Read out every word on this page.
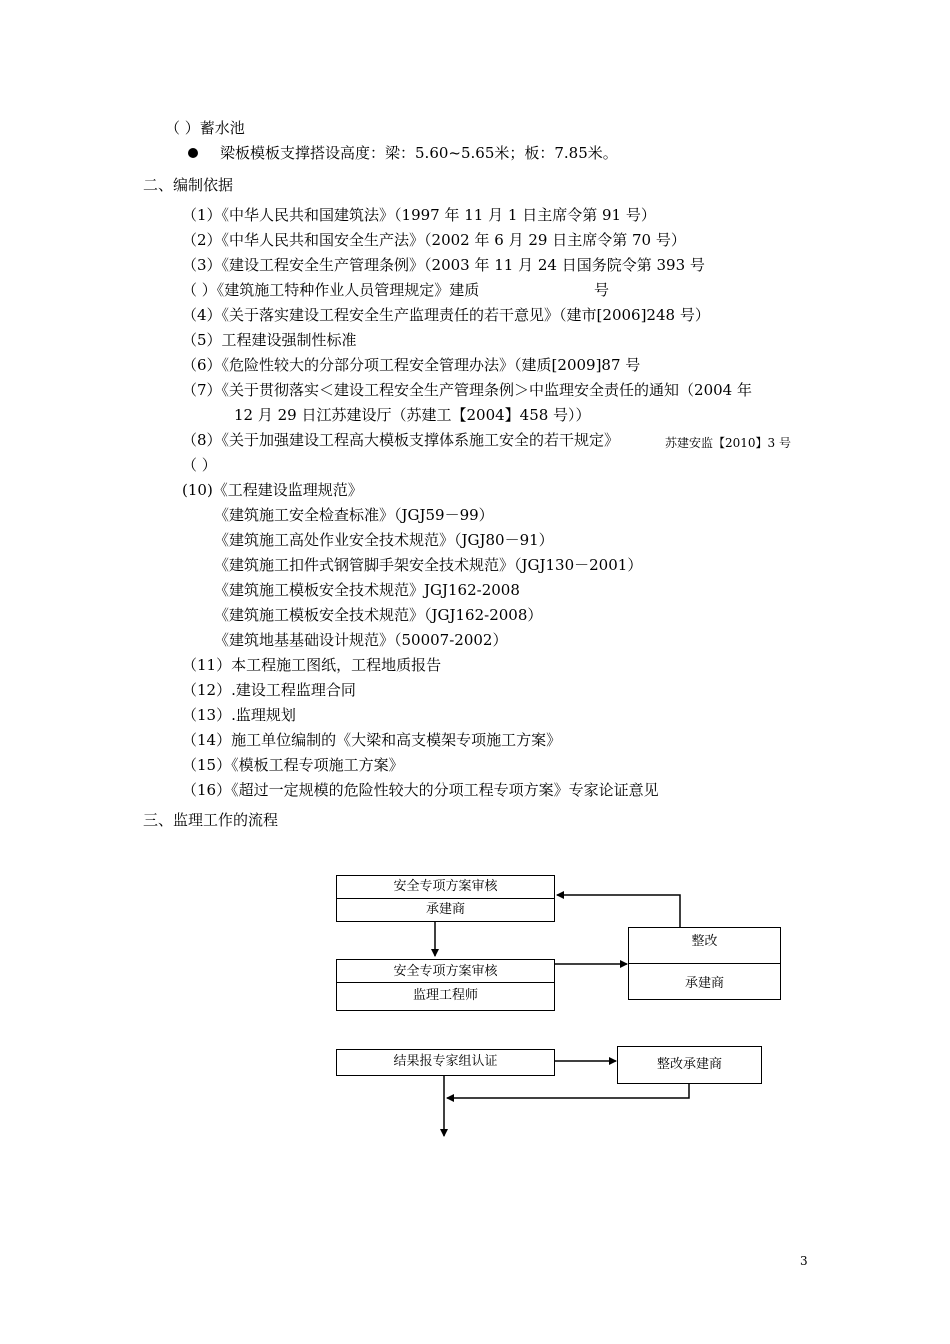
（ ）蓄水池
梁板模板支撑搭设高度：梁：5.60~5.65米；板：7.85米。
二、编制依据
（1）《中华人民共和国建筑法》（1997 年 11 月 1 日主席令第 91 号）
（2）《中华人民共和国安全生产法》（2002 年 6 月 29 日主席令第 70 号）
（3）《建设工程安全生产管理条例》（2003 年 11 月 24 日国务院令第 393 号
（ ）《建筑施工特种作业人员管理规定》建质	号
（4）《关于落实建设工程安全生产监理责任的若干意见》（建市[2006]248 号）
（5）工程建设强制性标准
（6）《危险性较大的分部分项工程安全管理办法》（建质[2009]87 号
（7）《关于贯彻落实＜建设工程安全生产管理条例＞中监理安全责任的通知（2004 年
12 月 29 日江苏建设厅（苏建工【2004】458 号））
（8）《关于加强建设工程高大模板支撑体系施工安全的若干规定》	苏建安监【2010】3 号
（ ）
(10)《工程建设监理规范》
《建筑施工安全检查标准》（JGJ59－99）
《建筑施工高处作业安全技术规范》（JGJ80－91）
《建筑施工扣件式钢管脚手架安全技术规范》（JGJ130－2001）
《建筑施工模板安全技术规范》JGJ162-2008
《建筑施工模板安全技术规范》（JGJ162-2008）
《建筑地基基础设计规范》（50007-2002）
（11）本工程施工图纸，工程地质报告
（12）.建设工程监理合同
（13）.监理规划
（14）施工单位编制的《大梁和高支模架专项施工方案》
（15）《模板工程专项施工方案》
（16）《超过一定规模的危险性较大的分项工程专项方案》专家论证意见
三、监理工作的流程
安全专项方案审核
承建商
安全专项方案审核
监理工程师
整改
承建商
结果报专家组认证	整改承建商
3
